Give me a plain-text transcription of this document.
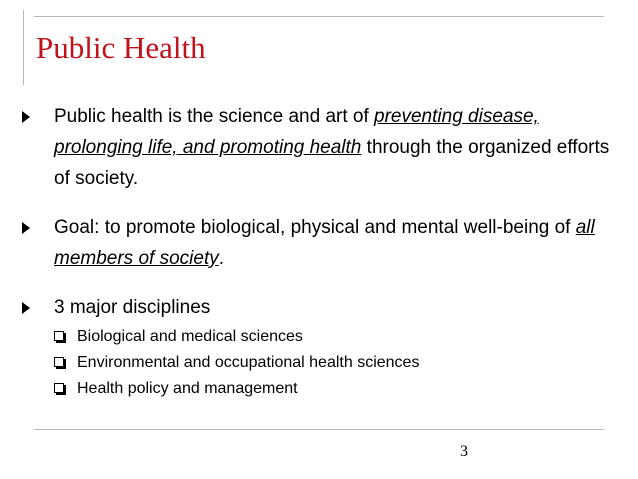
Public Health
Public health is the science and art of preventing disease, prolonging life, and promoting health through the organized efforts of society.
Goal: to promote biological, physical and mental well-being of all members of society.
3 major disciplines
Biological and medical sciences
Environmental and occupational health sciences
Health policy and management
3
